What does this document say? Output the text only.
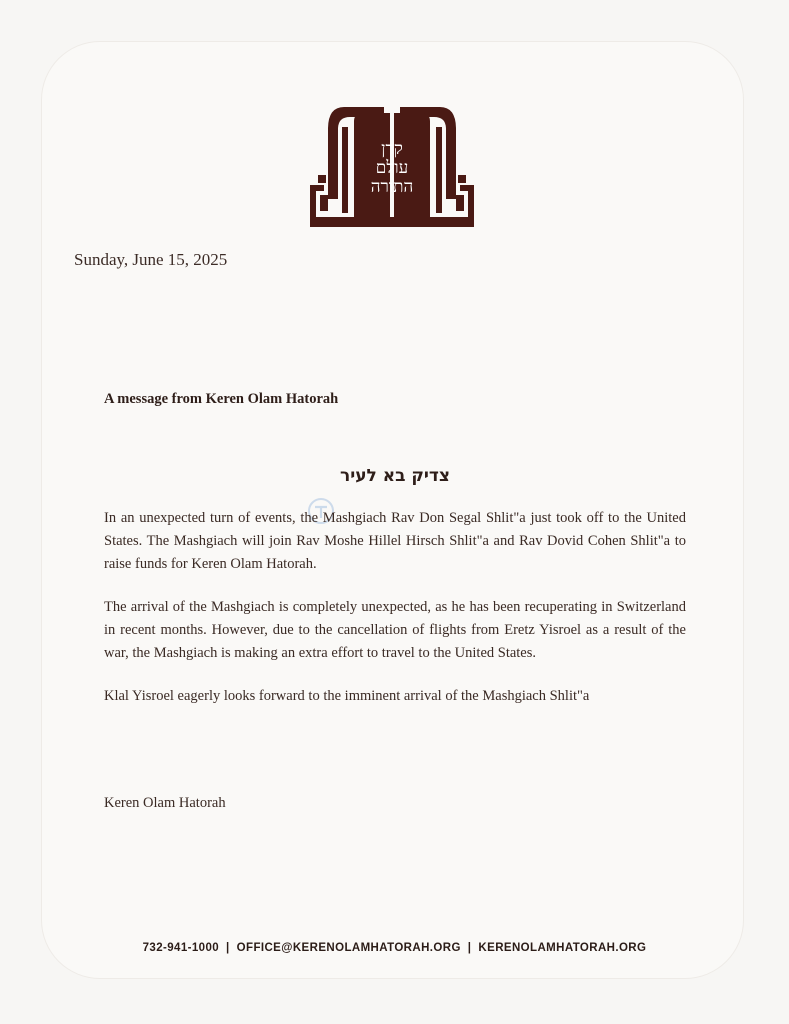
קרן
עולם
התורה
Sunday, June 15, 2025
A message from Keren Olam Hatorah
צדיק בא לעיר

In an unexpected turn of events, the Mashgiach Rav Don Segal Shlit"a just took off to the United States. The Mashgiach will join Rav Moshe Hillel Hirsch Shlit"a and Rav Dovid Cohen Shlit"a to raise funds for Keren Olam Hatorah.

The arrival of the Mashgiach is completely unexpected, as he has been recuperating in Switzerland in recent months. However, due to the cancellation of flights from Eretz Yisroel as a result of the war, the Mashgiach is making an extra effort to travel to the United States.

Klal Yisroel eagerly looks forward to the imminent arrival of the Mashgiach Shlit"a

Keren Olam Hatorah
732-941-1000 | OFFICE@KERENOLAMHATORAH.ORG | KERENOLAMHATORAH.ORG
